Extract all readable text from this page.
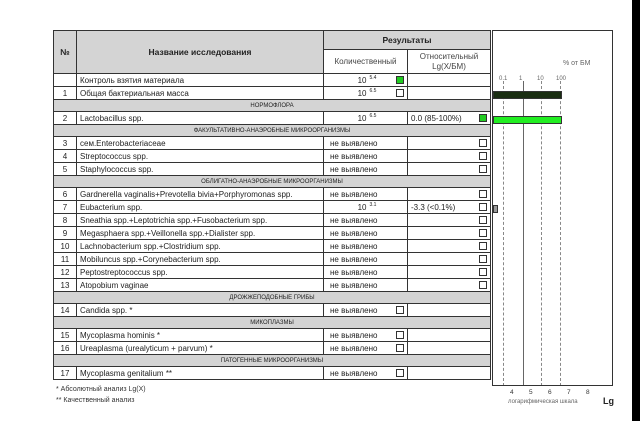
№	Название исследования	Результаты	
		Количественный	Относительный Lg(X/БМ)
	Контроль взятия материала	10 $^{5.4}$

1	Общая бактериальная масса	10 $^{6.5}$

НОРМОФЛОРА			
2	Lactobacillus spp.	10 $^{6.5}$	0.0 (85-100%)

ФАКУЛЬТАТИВНО-АНАЭРОБНЫЕ МИКРООРГАНИЗМЫ			
3	сем.Enterobacteriaceae	не выявлено	

4	Streptococcus spp.	не выявлено	

5	Staphylococcus spp.	не выявлено	

ОБЛИГАТНО-АНАЭРОБНЫЕ МИКРООРГАНИЗМЫ			
6	Gardnerella vaginalis+Prevotella bivia+Porphyromonas spp.	не выявлено	

7	Eubacterium spp.	10 $^{3.1}$	-3.3 (<0.1%)

8	Sneathia spp.+Leptotrichia spp.+Fusobacterium spp.	не выявлено	

9	Megasphaera spp.+Veillonella spp.+Dialister spp.	не выявлено	

10	Lachnobacterium spp.+Clostridium spp.	не выявлено	

11	Mobiluncus spp.+Corynebacterium spp.	не выявлено	

12	Peptostreptococcus spp.	не выявлено	

13	Atopobium vaginae	не выявлено	

ДРОЖЖЕПОДОБНЫЕ ГРИБЫ			
14	Candida spp. *	не выявлено

МИКОПЛАЗМЫ			
15	Mycoplasma hominis *	не выявлено

16	Ureaplasma (urealyticum + parvum) *	не выявлено

ПАТОГЕННЫЕ МИКРООРГАНИЗМЫ			
17	Mycoplasma genitalium **	не выявлено

% от БМ
0.1 1 10 100
логарифмическая шкала	Lg
* Абсолютный анализ Lg(X)
** Качественный анализ
4 5 6 7 8
